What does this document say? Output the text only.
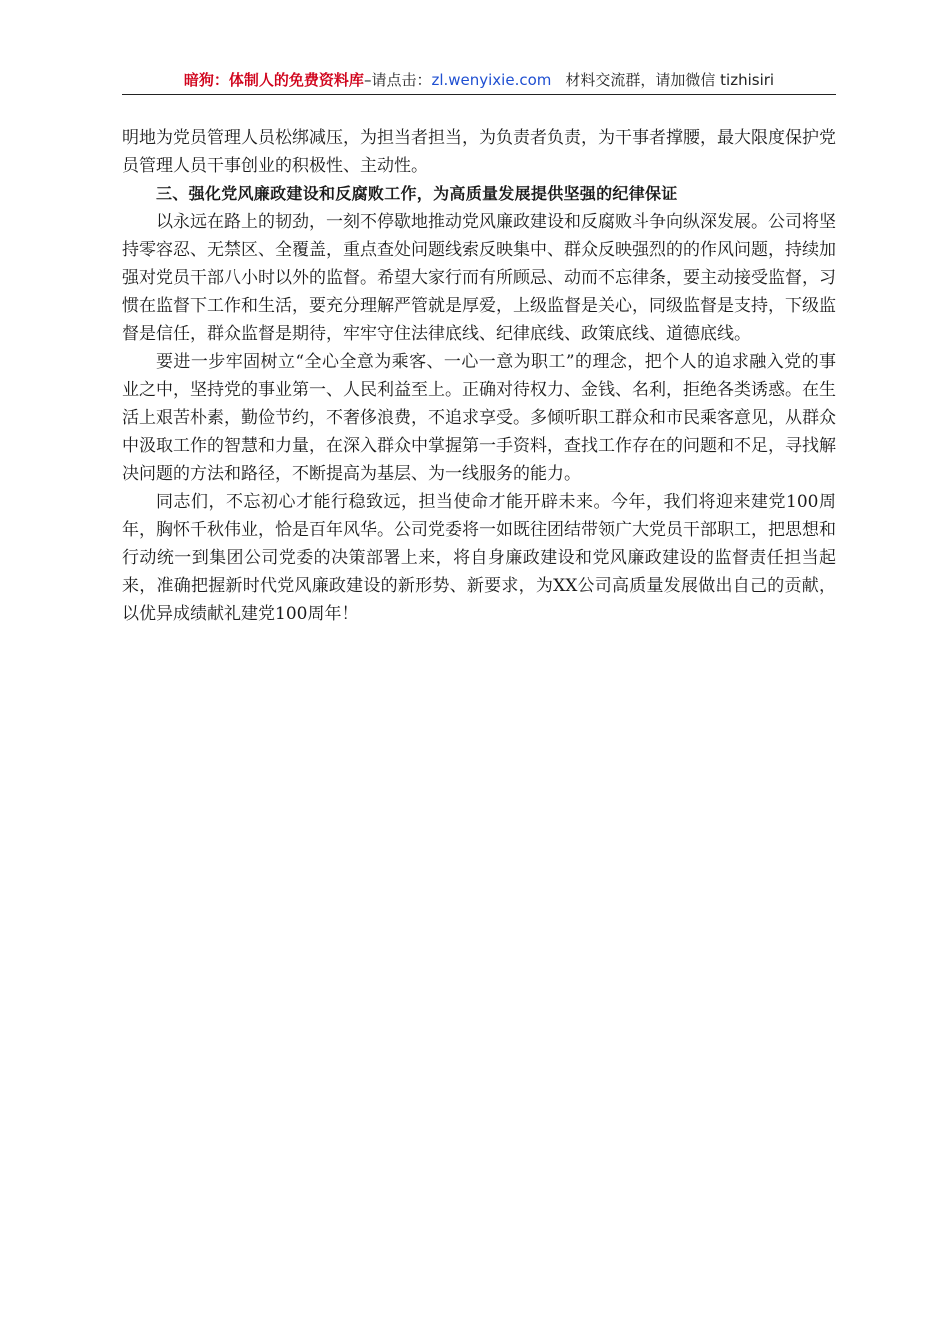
暗狗：体制人的免费资料库–请点击：zl.wenyixie.com 材料交流群，请加微信 tizhisiri

明地为党员管理人员松绑减压，为担当者担当，为负责者负责，为干事者撑腰，最大限度保护党员管理人员干事创业的积极性、主动性。

三、强化党风廉政建设和反腐败工作，为高质量发展提供坚强的纪律保证

以永远在路上的韧劲，一刻不停歇地推动党风廉政建设和反腐败斗争向纵深发展。公司将坚持零容忍、无禁区、全覆盖，重点查处问题线索反映集中、群众反映强烈的的作风问题，持续加强对党员干部八小时以外的监督。希望大家行而有所顾忌、动而不忘律条，要主动接受监督，习惯在监督下工作和生活，要充分理解严管就是厚爱，上级监督是关心，同级监督是支持，下级监督是信任，群众监督是期待，牢牢守住法律底线、纪律底线、政策底线、道德底线。

要进一步牢固树立“全心全意为乘客、一心一意为职工”的理念，把个人的追求融入党的事业之中，坚持党的事业第一、人民利益至上。正确对待权力、金钱、名利，拒绝各类诱惑。在生活上艰苦朴素，勤俭节约，不奢侈浪费，不追求享受。多倾听职工群众和市民乘客意见，从群众中汲取工作的智慧和力量，在深入群众中掌握第一手资料，查找工作存在的问题和不足，寻找解决问题的方法和路径，不断提高为基层、为一线服务的能力。

同志们，不忘初心才能行稳致远，担当使命才能开辟未来。今年，我们将迎来建党100周年，胸怀千秋伟业，恰是百年风华。公司党委将一如既往团结带领广大党员干部职工，把思想和行动统一到集团公司党委的决策部署上来，将自身廉政建设和党风廉政建设的监督责任担当起来，准确把握新时代党风廉政建设的新形势、新要求，为XX公司高质量发展做出自己的贡献，以优异成绩献礼建党100周年！
